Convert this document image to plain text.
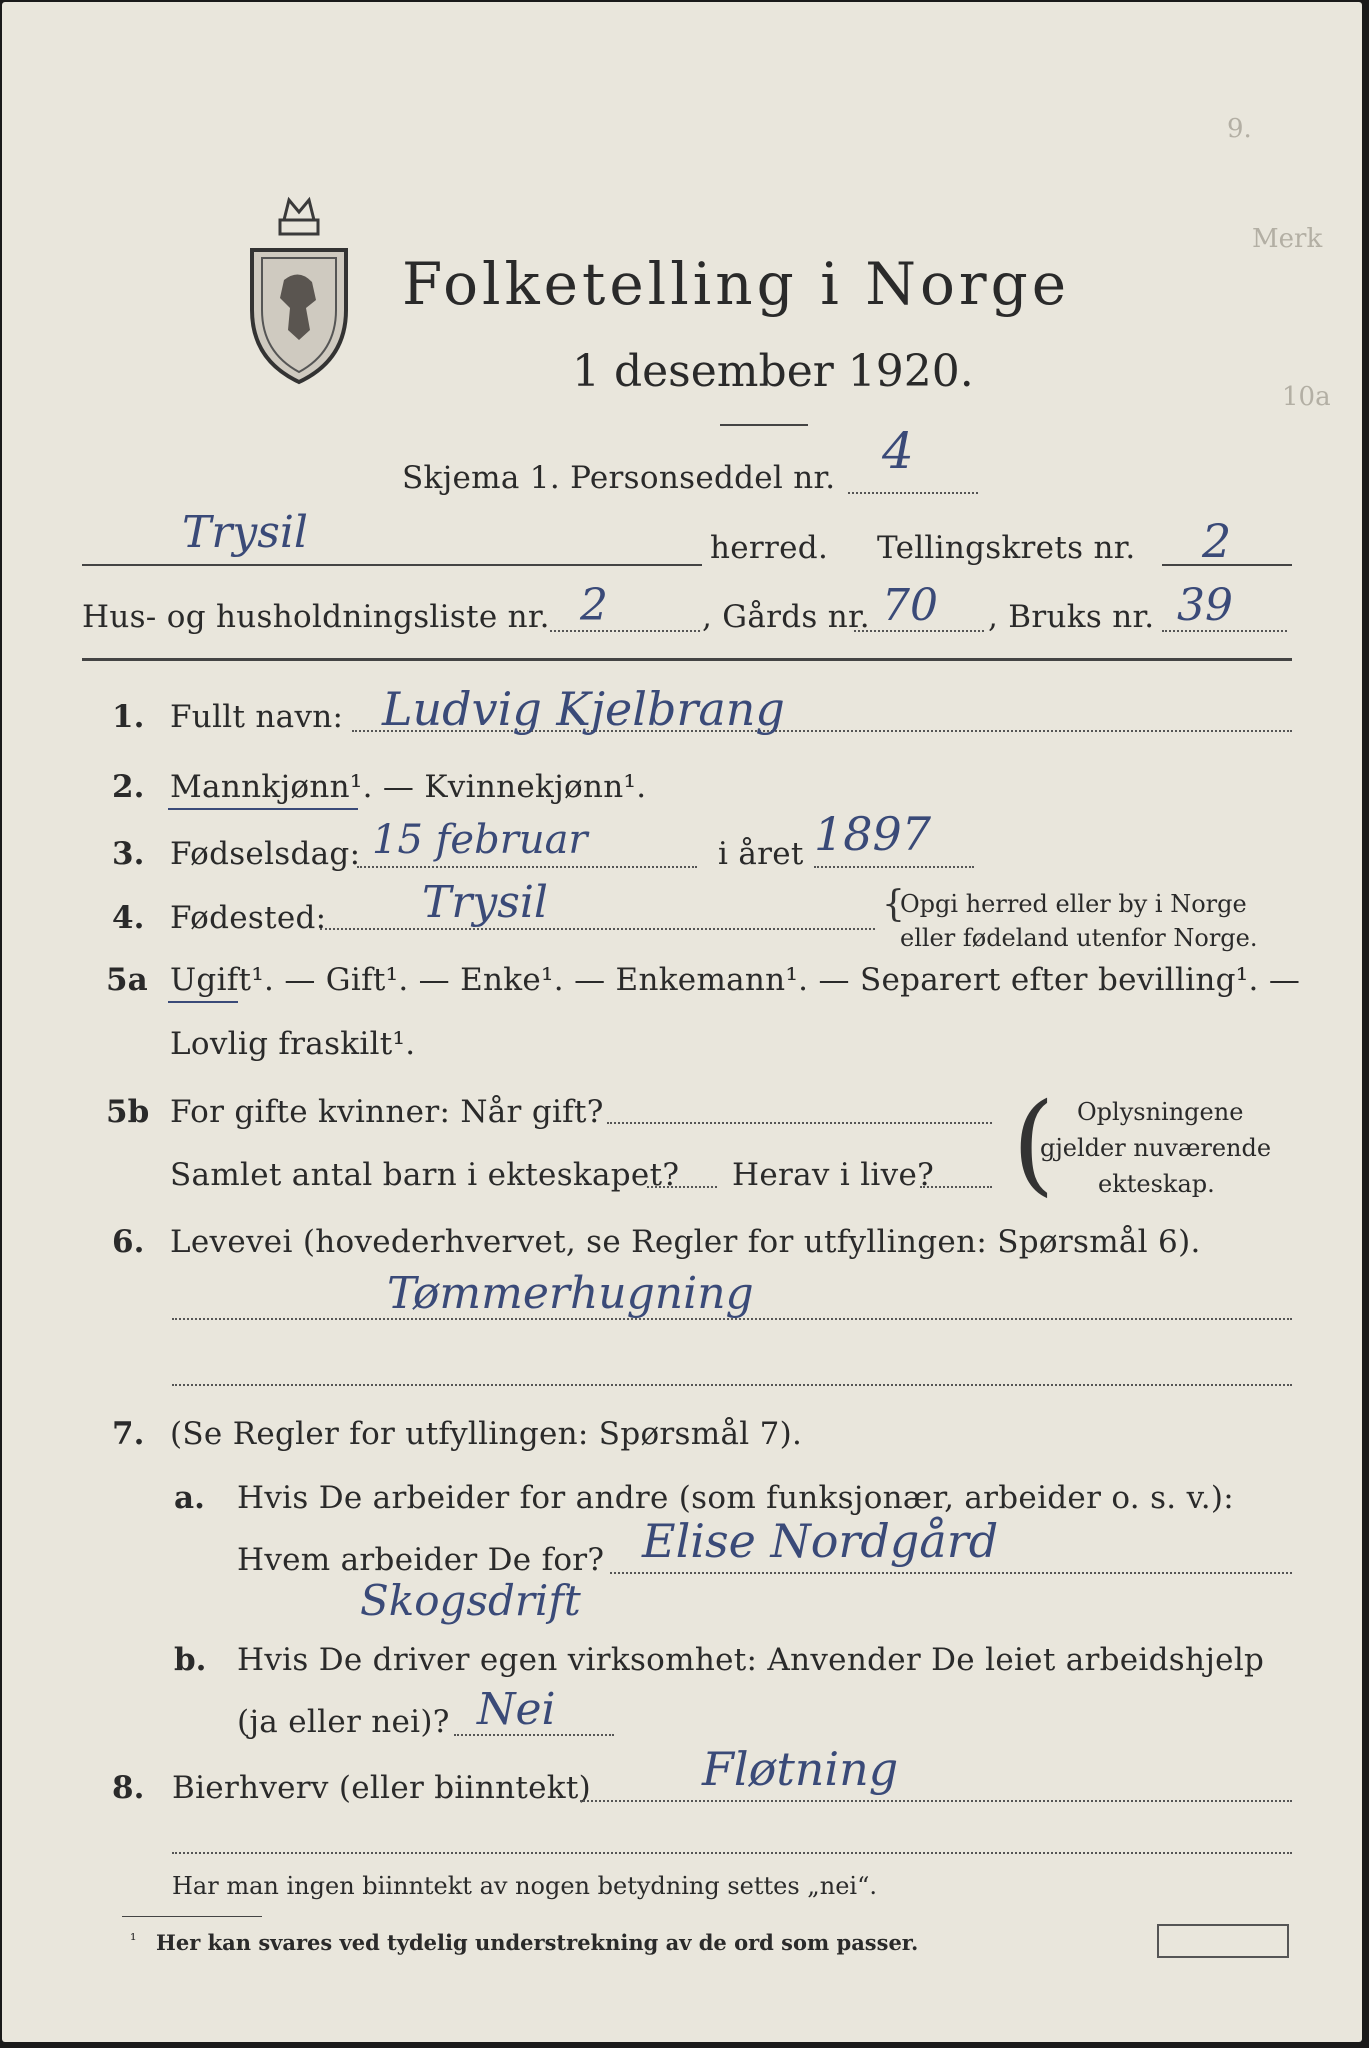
9.
Merk
10a
Folketelling i Norge
1 desember 1920.
Skjema 1. Personseddel nr. 4
Trysil	herred. Tellingskrets nr. 2
Hus- og husholdningsliste nr. 2	, Gårds nr. 70 , Bruks nr. 39
1. Fullt navn: Ludvig Kjelbrang
2. Mannkjønn¹. — Kvinnekjønn¹.
3. Fødselsdag: 15 februar	i året 1897
4. Fødested: Trysil	{
Opgi herred eller by i Norge
eller fødeland utenfor Norge.
5a Ugift¹. — Gift¹. — Enke¹. — Enkemann¹. — Separert efter bevilling¹. —
Lovlig fraskilt¹.
5b For gifte kvinner: Når gift?
Samlet antal barn i ekteskapet? Herav i live? ( Oplysningene
gjelder nuværende
ekteskap.
6. Levevei (hovederhvervet, se Regler for utfyllingen: Spørsmål 6).
Tømmerhugning
7. (Se Regler for utfyllingen: Spørsmål 7).
a. Hvis De arbeider for andre (som funksjonær, arbeider o. s. v.):
Hvem arbeider De for? Elise Nordgård
Skogsdrift
b. Hvis De driver egen virksomhet: Anvender De leiet arbeidshjelp
(ja eller nei)? Nei
8. Bierhverv (eller biinntekt) Fløtning
Har man ingen biinntekt av nogen betydning settes „nei“.
¹ Her kan svares ved tydelig understrekning av de ord som passer.
